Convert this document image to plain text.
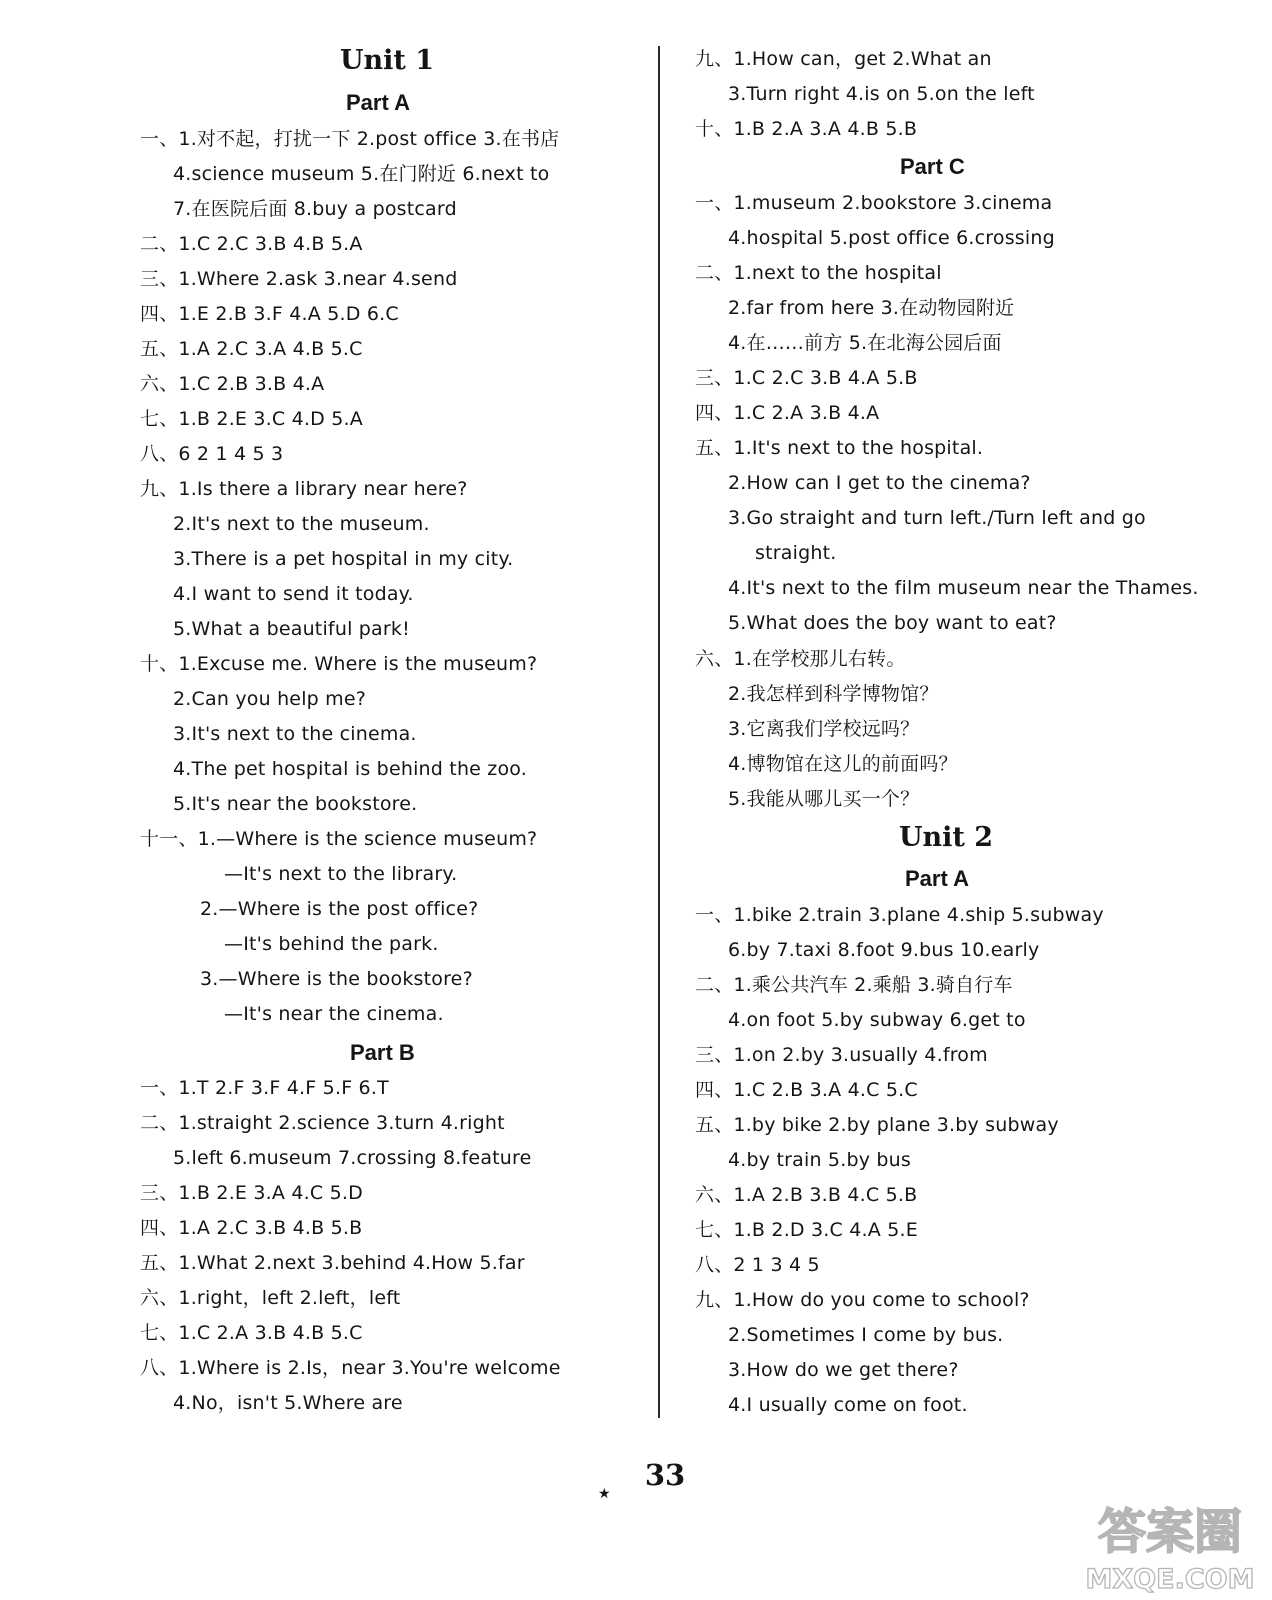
Unit 1
Part A
一、1.对不起，打扰一下 2.post office 3.在书店
4.science museum 5.在门附近 6.next to
7.在医院后面 8.buy a postcard
二、1.C 2.C 3.B 4.B 5.A
三、1.Where 2.ask 3.near 4.send
四、1.E 2.B 3.F 4.A 5.D 6.C
五、1.A 2.C 3.A 4.B 5.C
六、1.C 2.B 3.B 4.A
七、1.B 2.E 3.C 4.D 5.A
八、6 2 1 4 5 3
九、1.Is there a library near here?
2.It's next to the museum.
3.There is a pet hospital in my city.
4.I want to send it today.
5.What a beautiful park!
十、1.Excuse me. Where is the museum?
2.Can you help me?
3.It's next to the cinema.
4.The pet hospital is behind the zoo.
5.It's near the bookstore.
十一、1.—Where is the science museum?
—It's next to the library.
2.—Where is the post office?
—It's behind the park.
3.—Where is the bookstore?
—It's near the cinema.
Part B
一、1.T 2.F 3.F 4.F 5.F 6.T
二、1.straight 2.science 3.turn 4.right
5.left 6.museum 7.crossing 8.feature
三、1.B 2.E 3.A 4.C 5.D
四、1.A 2.C 3.B 4.B 5.B
五、1.What 2.next 3.behind 4.How 5.far
六、1.right，left 2.left，left
七、1.C 2.A 3.B 4.B 5.C
八、1.Where is 2.Is，near 3.You're welcome
4.No，isn't 5.Where are
九、1.How can，get 2.What an
3.Turn right 4.is on 5.on the left
十、1.B 2.A 3.A 4.B 5.B
Part C
一、1.museum 2.bookstore 3.cinema
4.hospital 5.post office 6.crossing
二、1.next to the hospital
2.far from here 3.在动物园附近
4.在……前方 5.在北海公园后面
三、1.C 2.C 3.B 4.A 5.B
四、1.C 2.A 3.B 4.A
五、1.It's next to the hospital.
2.How can I get to the cinema?
3.Go straight and turn left./Turn left and go
straight.
4.It's next to the film museum near the Thames.
5.What does the boy want to eat?
六、1.在学校那儿右转。
2.我怎样到科学博物馆？
3.它离我们学校远吗？
4.博物馆在这儿的前面吗？
5.我能从哪儿买一个？
Unit 2
Part A
一、1.bike 2.train 3.plane 4.ship 5.subway
6.by 7.taxi 8.foot 9.bus 10.early
二、1.乘公共汽车 2.乘船 3.骑自行车
4.on foot 5.by subway 6.get to
三、1.on 2.by 3.usually 4.from
四、1.C 2.B 3.A 4.C 5.C
五、1.by bike 2.by plane 3.by subway
4.by train 5.by bus
六、1.A 2.B 3.B 4.C 5.B
七、1.B 2.D 3.C 4.A 5.E
八、2 1 3 4 5
九、1.How do you come to school?
2.Sometimes I come by bus.
3.How do we get there?
4.I usually come on foot.
★
33
答案圈
MXQE.COM
